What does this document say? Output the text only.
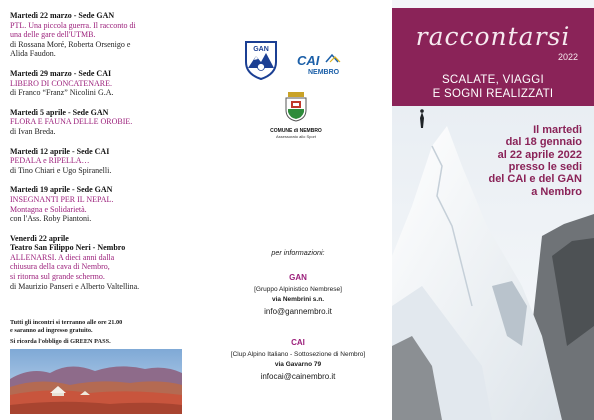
Martedì 22 marzo - Sede GAN
PTL. Una piccola guerra. Il racconto di
una delle gare dell'UTMB.
di Rossana Moré, Roberta Orsenigo e
Alida Faudon.
Martedì 29 marzo - Sede CAI
LIBERO DI CONCATENARE.
di Franco “Franz” Nicolini G.A.
Martedì 5 aprile - Sede GAN
FLORA E FAUNA DELLE OROBIE.
di Ivan Breda.
Martedì 12 aprile - Sede CAI
PEDALA e RIPELLA…
di Tino Chiari e Ugo Spiranelli.
Martedì 19 aprile - Sede GAN
INSEGNANTI PER IL NEPAL.
Montagna e Solidarietà.
con l'Ass. Roby Piantoni.
Venerdì 22 aprile
Teatro San Filippo Neri - Nembro
ALLENARSI. A dieci anni dalla
chiusura della cava di Nembro,
si ritorna sul grande schermo.
di Maurizio Panseri e Alberto Valtellina.
Tutti gli incontri si terranno alle ore 21.00
e saranno ad ingresso gratuito.
Si ricorda l'obbligo di GREEN PASS.
GAN
CAI
NEMBRO
COMUNE di NEMBRO
Assessorato allo Sport
per informazioni:
GAN
[Gruppo Alpinistico Nembrese]
via Nembrini s.n.
info@gannembro.it
CAI
[Clup Alpino Italiano - Sottosezione di Nembro]
via Gavarno 79
infocai@cainembro.it
raccontarsi
2022
SCALATE, VIAGGI
E SOGNI REALIZZATI
Il martedì
dal 18 gennaio
al 22 aprile 2022
presso le sedi
del CAI e del GAN
a Nembro
